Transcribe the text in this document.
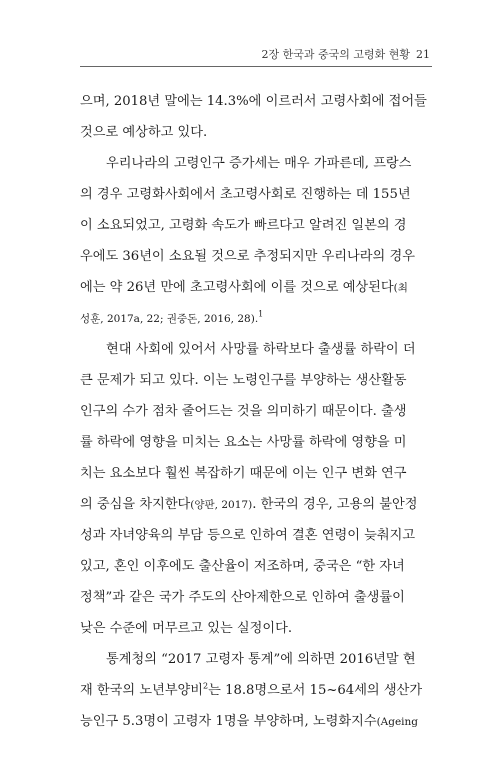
2장 한국과 중국의 고령화 현황 21
으며, 2018년 말에는 14.3%에 이르러서 고령사회에 접어들
것으로 예상하고 있다.
우리나라의 고령인구 증가세는 매우 가파른데, 프랑스
의 경우 고령화사회에서 초고령사회로 진행하는 데 155년
이 소요되었고, 고령화 속도가 빠르다고 알려진 일본의 경
우에도 36년이 소요될 것으로 추정되지만 우리나라의 경우
에는 약 26년 만에 초고령사회에 이를 것으로 예상된다(최
성훈, 2017a, 22; 권중돈, 2016, 28).$^1$
현대 사회에 있어서 사망률 하락보다 출생률 하락이 더
큰 문제가 되고 있다. 이는 노령인구를 부양하는 생산활동
인구의 수가 점차 줄어드는 것을 의미하기 때문이다. 출생
률 하락에 영향을 미치는 요소는 사망률 하락에 영향을 미
치는 요소보다 훨씬 복잡하기 때문에 이는 인구 변화 연구
의 중심을 차지한다(양판, 2017). 한국의 경우, 고용의 불안정
성과 자녀양육의 부담 등으로 인하여 결혼 연령이 늦춰지고
있고, 혼인 이후에도 출산율이 저조하며, 중국은 “한 자녀
정책”과 같은 국가 주도의 산아제한으로 인하여 출생률이
낮은 수준에 머무르고 있는 실정이다.
통계청의 “2017 고령자 통계”에 의하면 2016년말 현
재 한국의 노년부양비$^2$는 18.8명으로서 15~64세의 생산가
능인구 5.3명이 고령자 1명을 부양하며, 노령화지수(Ageing
